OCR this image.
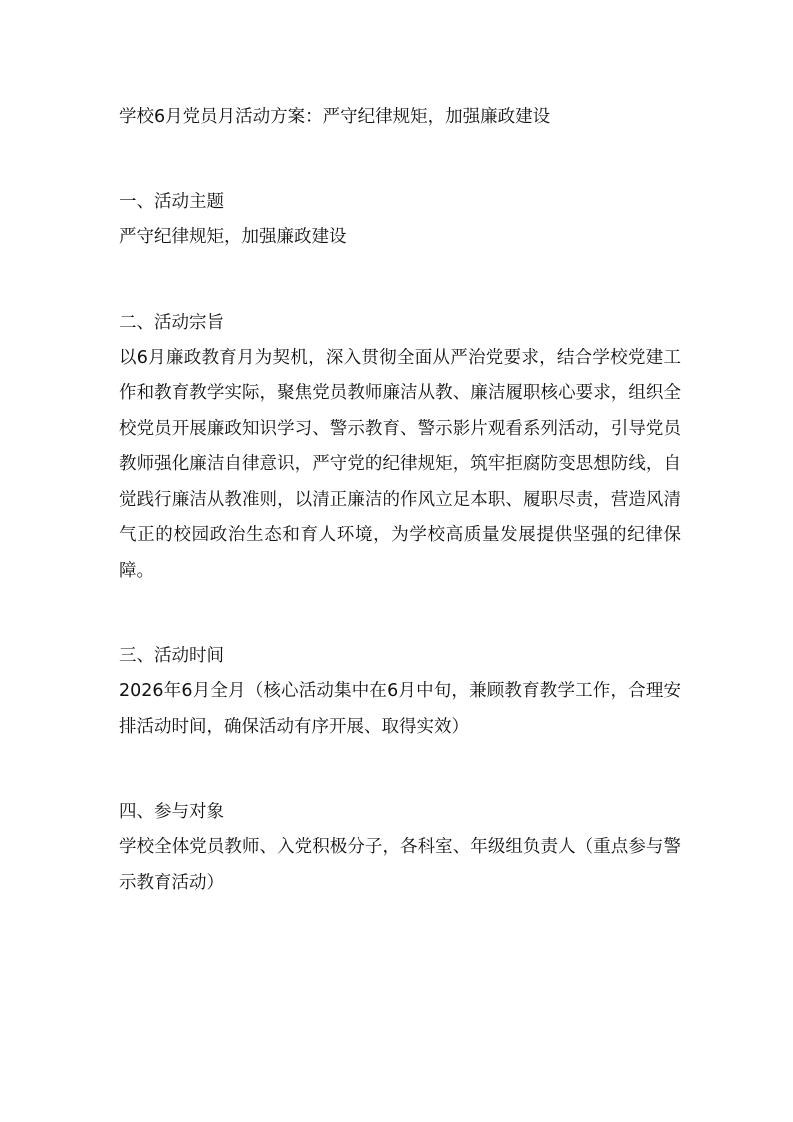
学校6月党员月活动方案：严守纪律规矩，加强廉政建设
一、活动主题
严守纪律规矩，加强廉政建设
二、活动宗旨
以6月廉政教育月为契机，深入贯彻全面从严治党要求，结合学校党建工作和教育教学实际，聚焦党员教师廉洁从教、廉洁履职核心要求，组织全校党员开展廉政知识学习、警示教育、警示影片观看系列活动，引导党员教师强化廉洁自律意识，严守党的纪律规矩，筑牢拒腐防变思想防线，自觉践行廉洁从教准则，以清正廉洁的作风立足本职、履职尽责，营造风清气正的校园政治生态和育人环境，为学校高质量发展提供坚强的纪律保障。
三、活动时间
2026年6月全月（核心活动集中在6月中旬，兼顾教育教学工作，合理安排活动时间，确保活动有序开展、取得实效）
四、参与对象
学校全体党员教师、入党积极分子，各科室、年级组负责人（重点参与警示教育活动）
